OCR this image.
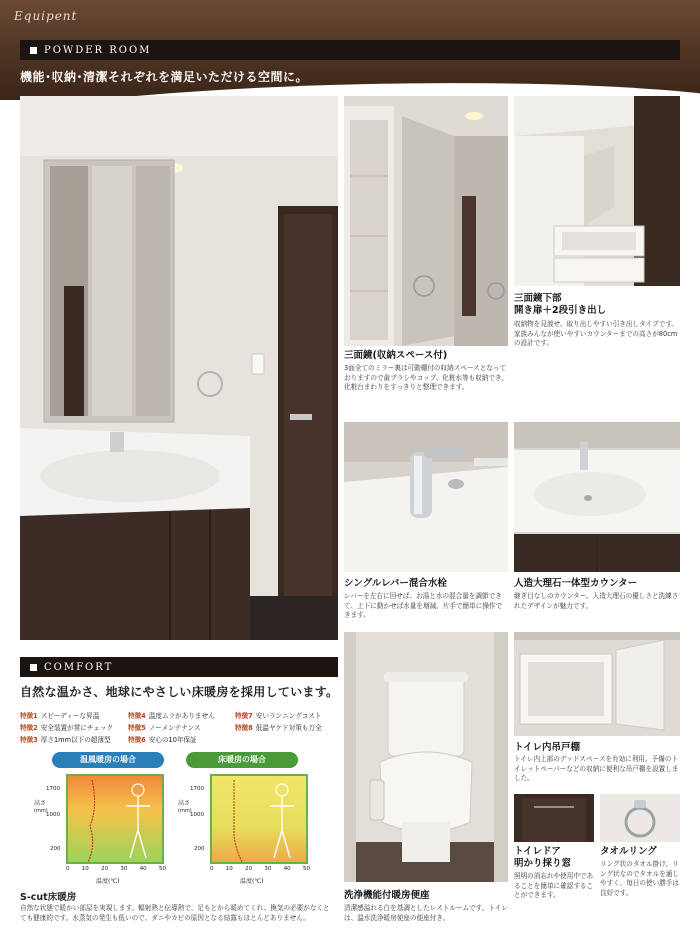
Equipent
POWDER ROOM
機能･収納･清潔それぞれを満足いただける空間に。
三面鏡(収納スペース付)
3面全てのミラー裏は可動棚付の収納スペースとなっておりますので歯ブラシやコップ、化粧水等も収納でき、化粧台まわりをすっきりと整理できます。
三面鏡下部
開き扉＋2段引き出し
収納物を見渡せ、取り出しやすい引き出しタイプです。家族みんなが使いやすいカウンターまでの高さが80cmの設計です。
シングルレバー混合水栓
レバーを左右に回せば、お湯と水の混合量を調節できて、上下に動かせば水量を増減。片手で簡単に操作できます。
人造大理石一体型カウンター
継ぎ目なしのカウンター。人造大理石の優しさと洗練されたデザインが魅力です。
洗浄機能付暖房便座
清潔感溢れる白を基調としたレストルームです。トイレは、温水洗浄暖房便座の便座付き。
トイレ内吊戸棚
トイレ内上部のデッドスペースを有効に利用。予備のトイレットペーパーなどの収納に便利な吊戸棚を設置しました。
トイレドア
明かり採り窓
照明の消忘れや使用中であることを簡単に確認することができます。
タオルリング
リング状のタオル掛け。リング状なのでタオルを通しやすく、毎日の使い勝手は良好です。
COMFORT
自然な温かさ、地球にやさしい床暖房を採用しています。
特徴1 スピーディーな昇温
特徴2 安全装置が常にチェック
特徴3 厚さ1mm以下の超薄型
特徴4 温度ムラがありません
特徴5 ノーメンテナンス
特徴6 安心の10年保証
特徴7 安いランニングコスト
特徴8 低温ヤケド対策も万全
温風暖房の場合
高さ
(mm)
1700
1000
200
0 10 20 30 40 50
温度(℃)
床暖房の場合
高さ
(mm)
1700
1000
200
0 10 20 30 40 50
温度(℃)
S-cut床暖房
自然な状態で暖かい部屋を実現します。輻射熱と伝導熱で、足もとから暖めてくれ、換気の必要がなくとても健康的です。水蒸気の発生も低いので、ダニやカビの原因となる結露もほとんどありません。
